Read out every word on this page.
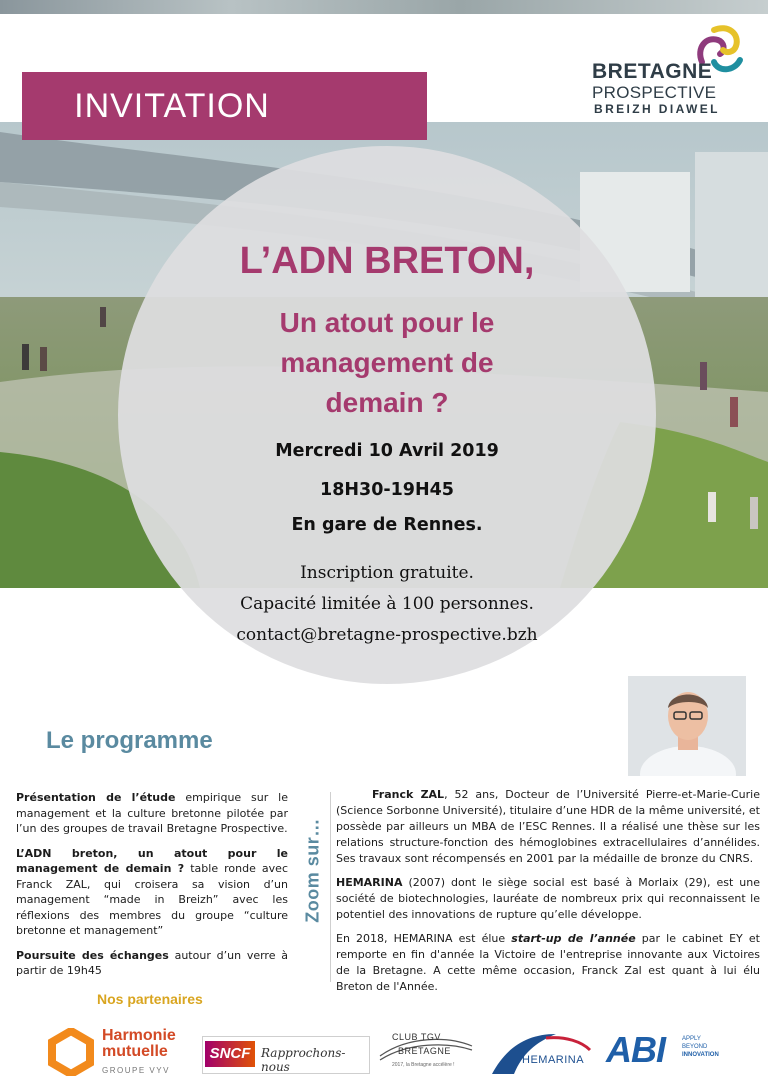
INVITATION
BRETAGNE
PROSPECTIVE
BREIZH DIAWEL
L’ADN BRETON,
Un atout pour le
management de
demain ?
Mercredi 10 Avril 2019
18H30-19H45
En gare de Rennes.
Inscription gratuite.
Capacité limitée à 100 personnes.
contact@bretagne-prospective.bzh
Le programme

Présentation de l’étude empirique sur le management et la culture bretonne pilotée par l’un des groupes de travail Bretagne Prospective.

L’ADN breton, un atout pour le management de demain ? table ronde avec Franck ZAL, qui croisera sa vision d’un management “made in Breizh” avec les réflexions des membres du groupe “culture bretonne et management”

Poursuite des échanges autour d’un verre à partir de 19h45

Zoom sur…

Franck ZAL, 52 ans, Docteur de l’Université Pierre-et-Marie-Curie (Science Sorbonne Université), titulaire d’une HDR de la même université, et possède par ailleurs un MBA de l’ESC Rennes. Il a réalisé une thèse sur les relations structure-fonction des hémoglobines extracellulaires d’annélides. Ses travaux sont récompensés en 2001 par la médaille de bronze du CNRS.

HEMARINA (2007) dont le siège social est basé à Morlaix (29), est une société de biotechnologies, lauréate de nombreux prix qui reconnaissent le potentiel des innovations de rupture qu’elle développe.

En 2018, HEMARINA est élue start-up de l’année par le cabinet EY et remporte en fin d'année la Victoire de l'entreprise innovante aux Victoires de la Bretagne. A cette même occasion, Franck Zal est quant à lui élu Breton de l'Année.

Nos partenaires
Harmonie
mutuelle
GROUPE VYV
SNCF Rapprochons-nous
CLUB TGV
BRETAGNE
2017, la Bretagne accélère !	HEMARINA ABI	APPLY
BEYOND
INNOVATION
